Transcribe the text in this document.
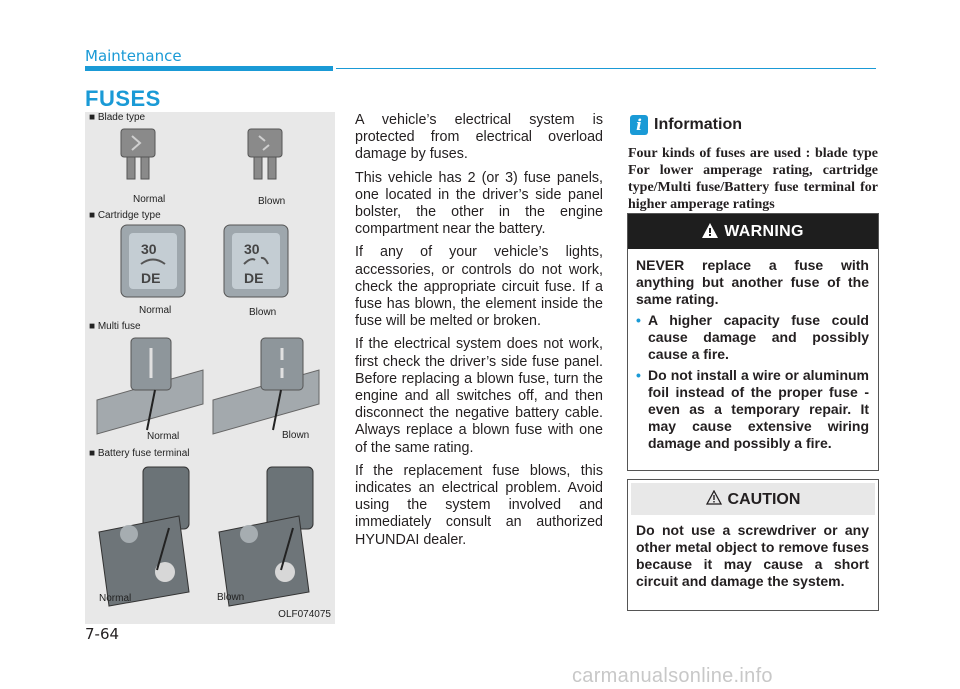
Maintenance
FUSES
30
DE
30
DE
■ Blade type
Normal	Blown
■ Cartridge type
Normal	Blown
■ Multi fuse
Normal	Blown
■ Battery fuse terminal
Normal	Blown
OLF074075

A vehicle’s electrical system is protected from electrical overload damage by fuses.

This vehicle has 2 (or 3) fuse panels, one located in the driver’s side panel bolster, the other in the engine compartment near the battery.

If any of your vehicle’s lights, accessories, or controls do not work, check the appropriate circuit fuse. If a fuse has blown, the element inside the fuse will be melted or broken.

If the electrical system does not work, first check the driver’s side fuse panel. Before replacing a blown fuse, turn the engine and all switches off, and then disconnect the negative battery cable. Always replace a blown fuse with one of the same rating.

If the replacement fuse blows, this indicates an electrical problem. Avoid using the system involved and immediately consult an authorized HYUNDAI dealer.

i Information
Four kinds of fuses are used : blade type For lower amperage rating, cartridge type/Multi fuse/Battery fuse terminal for higher amperage ratings
WARNING

NEVER replace a fuse with anything but another fuse of the same rating.

• A higher capacity fuse could cause damage and possibly cause a fire.
• Do not install a wire or aluminum foil instead of the proper fuse - even as a temporary repair. It may cause extensive wiring damage and possibly a fire.
CAUTION
Do not use a screwdriver or any other metal object to remove fuses because it may cause a short circuit and damage the system.
7-64
carmanualsonline.info
